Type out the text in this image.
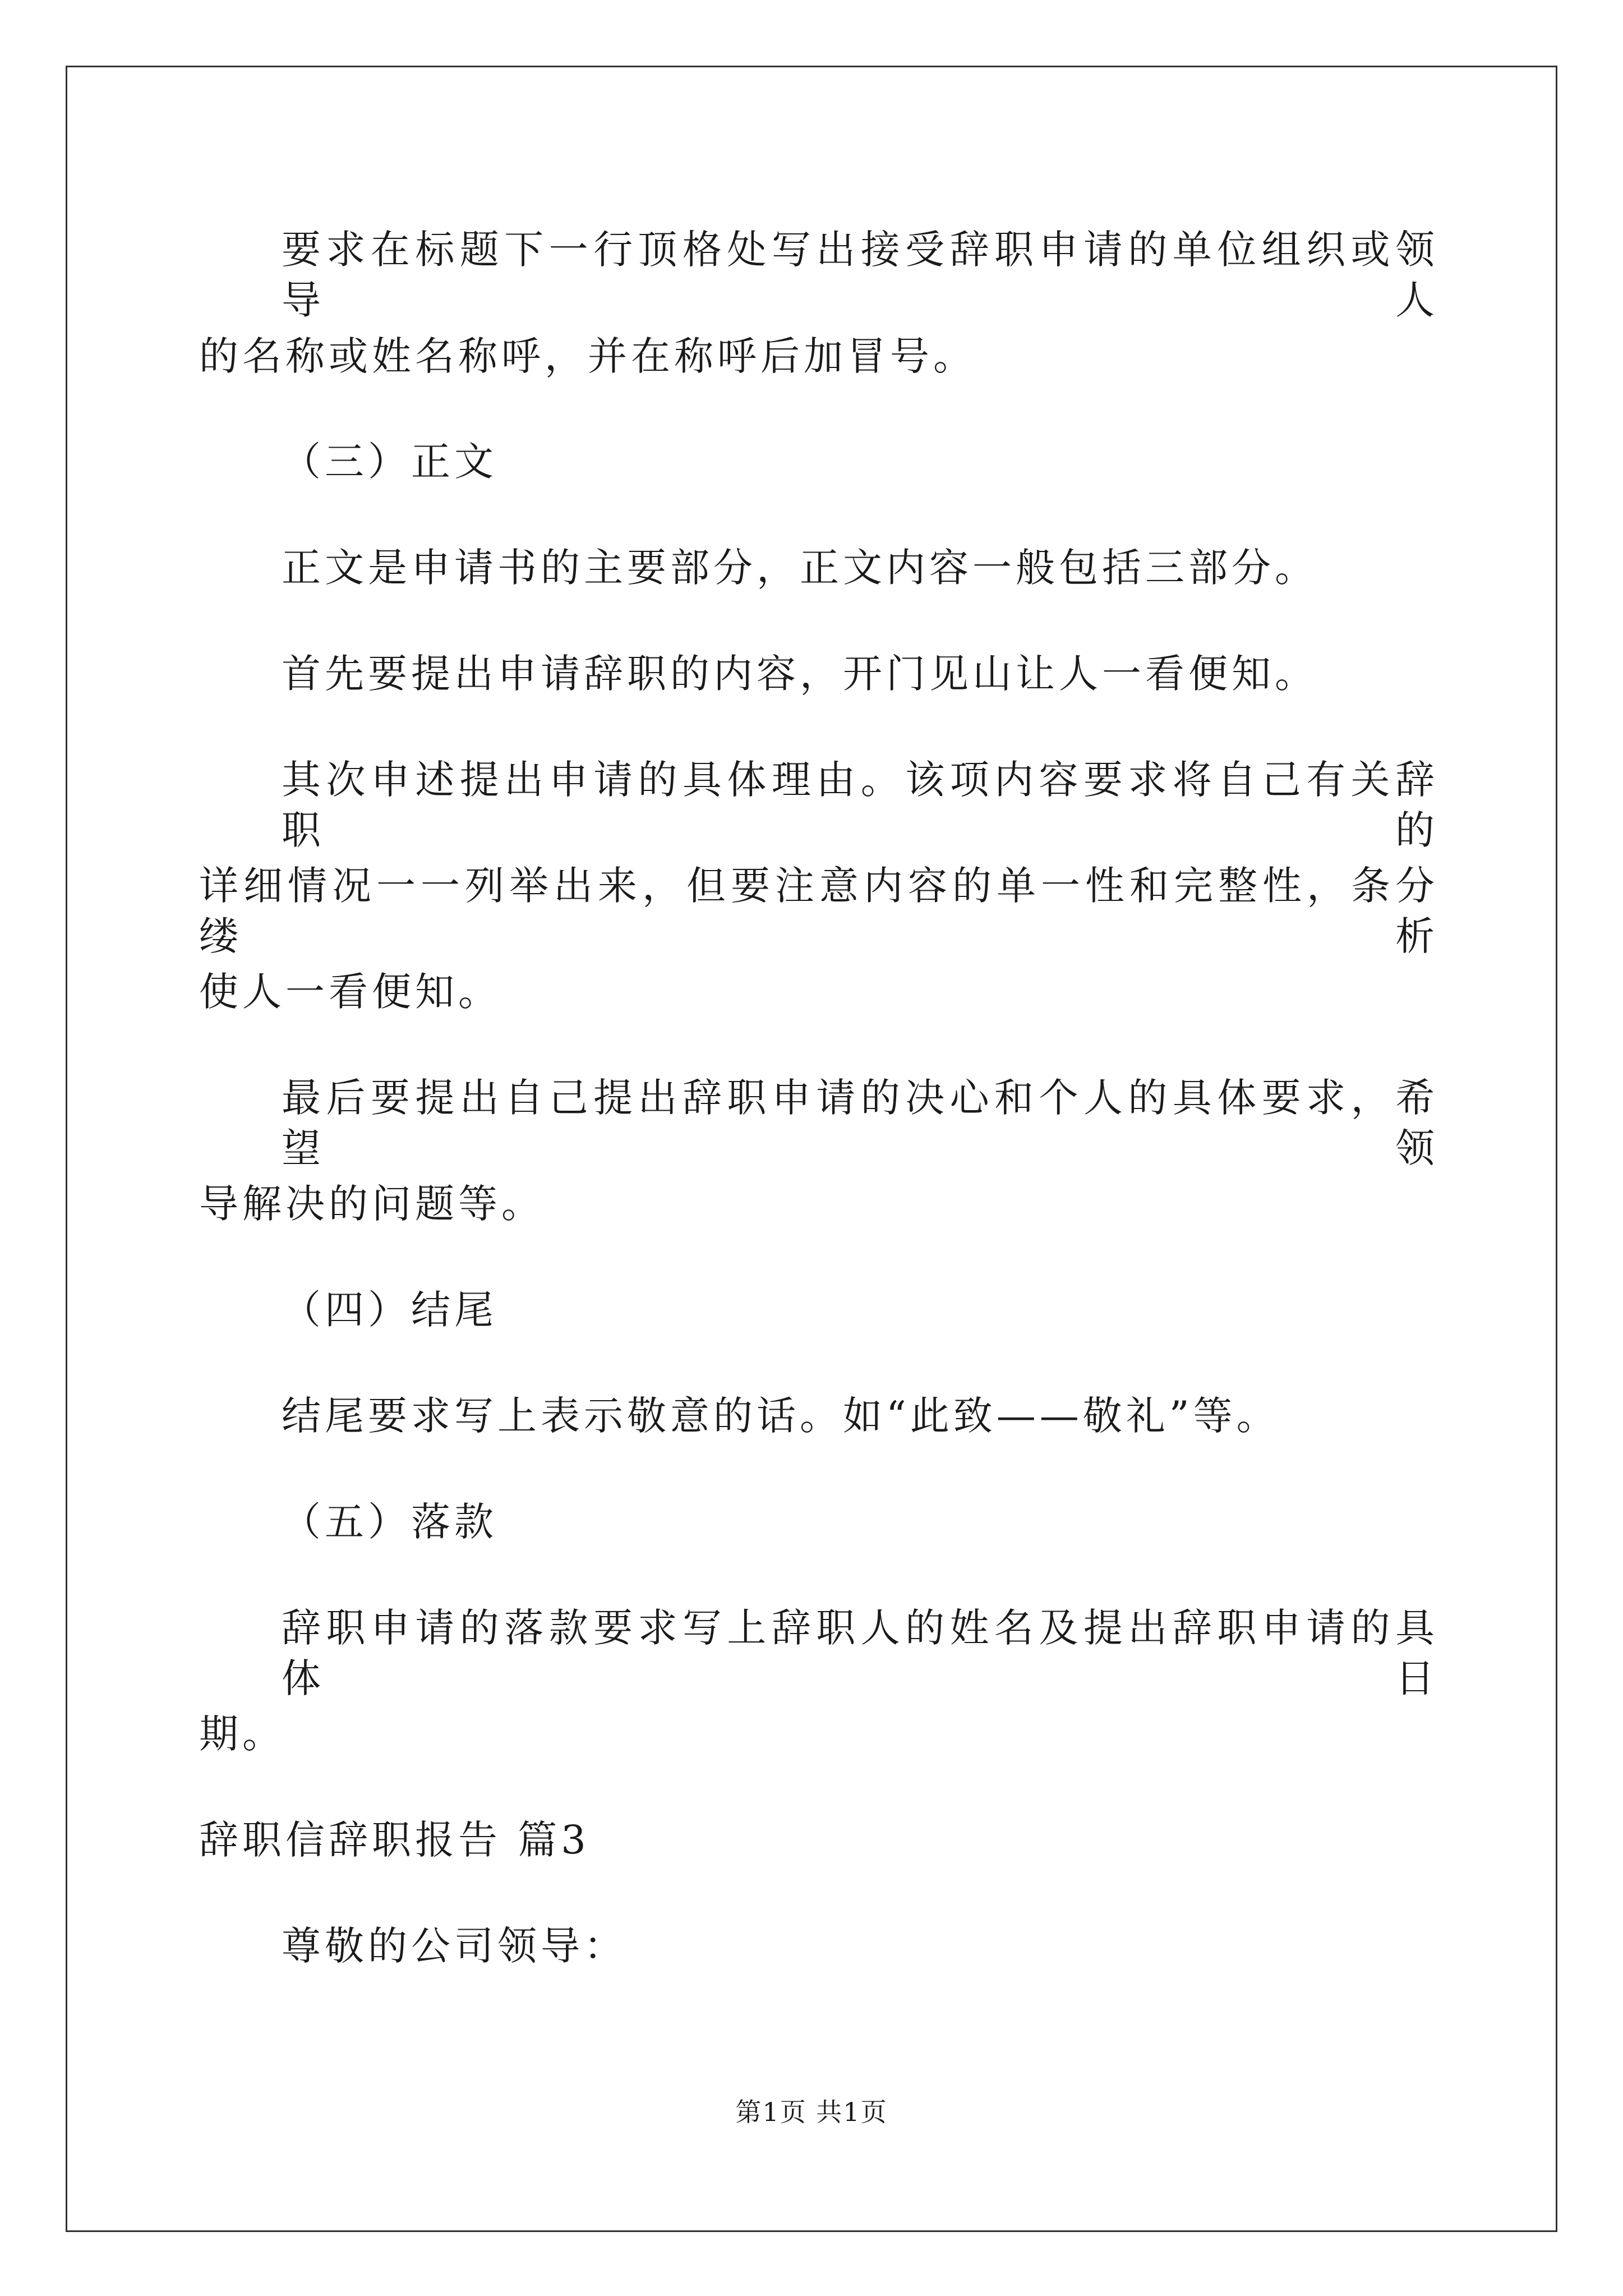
要求在标题下一行顶格处写出接受辞职申请的单位组织或领导人
的名称或姓名称呼，并在称呼后加冒号。
（三）正文
正文是申请书的主要部分，正文内容一般包括三部分。
首先要提出申请辞职的内容，开门见山让人一看便知。
其次申述提出申请的具体理由。该项内容要求将自己有关辞职的
详细情况一一列举出来，但要注意内容的单一性和完整性，条分缕析
使人一看便知。
最后要提出自己提出辞职申请的决心和个人的具体要求，希望领
导解决的问题等。
（四）结尾
结尾要求写上表示敬意的话。如“此致——敬礼”等。
（五）落款
辞职申请的落款要求写上辞职人的姓名及提出辞职申请的具体日
期。
辞职信辞职报告 篇3
尊敬的公司领导：
第1页 共1页
